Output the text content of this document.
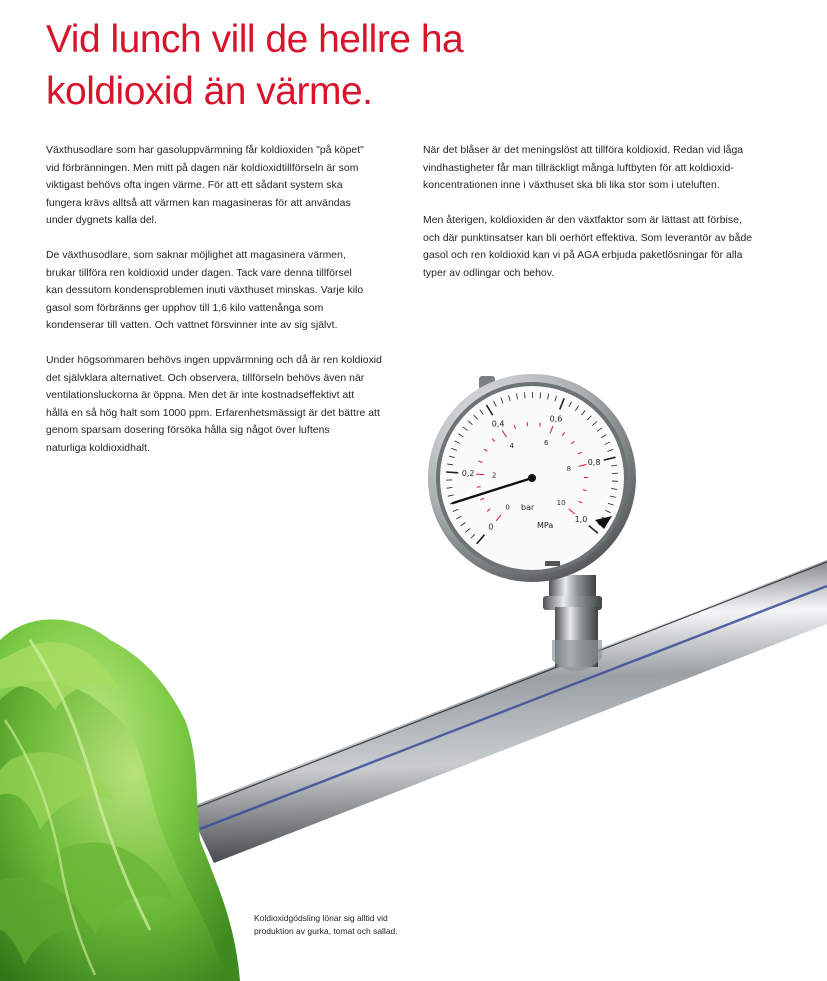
Vid lunch vill de hellre ha
koldioxid än värme.

Växthusodlare som har gasoluppvärmning får koldioxiden "på köpet"
vid förbränningen. Men mitt på dagen när koldioxidtillförseln är som
viktigast behövs ofta ingen värme. För att ett sådant system ska
fungera krävs alltså att värmen kan magasineras för att användas
under dygnets kalla del.

De växthusodlare, som saknar möjlighet att magasinera värmen,
brukar tillföra ren koldioxid under dagen. Tack vare denna tillförsel
kan dessutom kondensproblemen inuti växthuset minskas. Varje kilo
gasol som förbränns ger upphov till 1,6 kilo vattenånga som
kondenserar till vatten. Och vattnet försvinner inte av sig självt.

Under högsommaren behövs ingen uppvärmning och då är ren koldioxid
det självklara alternativet. Och observera, tillförseln behövs även när
ventilationsluckorna är öppna. Men det är inte kostnadseffektivt att
hålla en så hög halt som 1000 ppm. Erfarenhetsmässigt är det bättre att
genom sparsam dosering försöka hålla sig något över luftens
naturliga koldioxidhalt.

När det blåser är det meningslöst att tillföra koldioxid. Redan vid låga
vindhastigheter får man tillräckligt många luftbyten för att koldioxid-
koncentrationen inne i växthuset ska bli lika stor som i uteluften.

Men återigen, koldioxiden är den växtfaktor som är lättast att förbise,
och där punktinsatser kan bli oerhört effektiva. Som leverantör av både
gasol och ren koldioxid kan vi på AGA erbjuda paketlösningar för alla
typer av odlingar och behov.

0
0,2
0,4
0,6
0,8
1,0
0
2
4	6
8
10
bar
MPa
Koldioxidgödsling lönar sig alltid vid
produktion av gurka, tomat och sallad.
